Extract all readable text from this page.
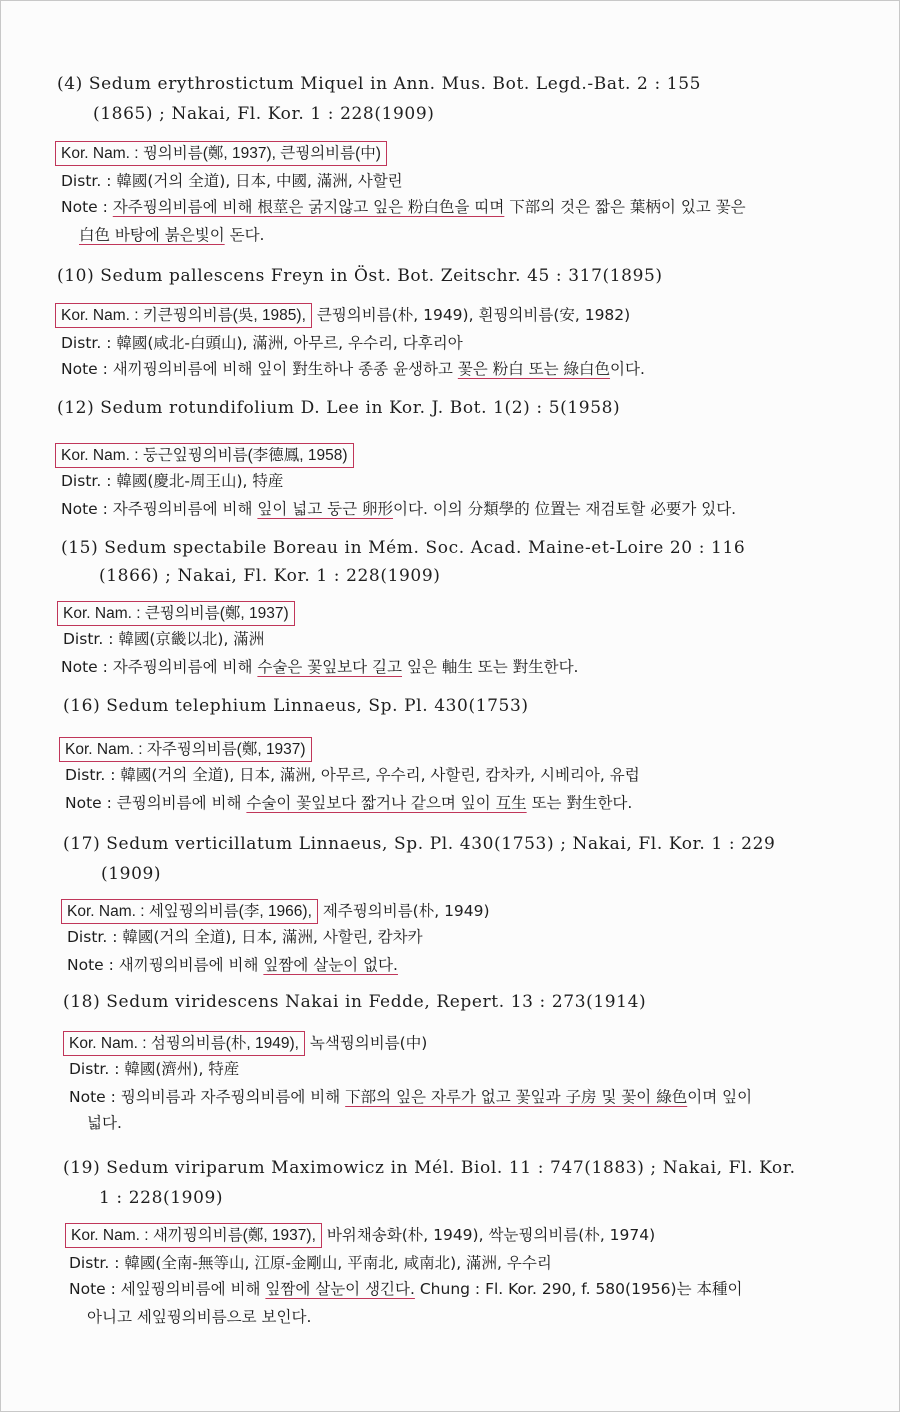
(4) Sedum erythrostictum Miquel in Ann. Mus. Bot. Legd.-Bat. 2 : 155
(1865) ; Nakai, Fl. Kor. 1 : 228(1909)
Kor. Nam. : 꿩의비름(鄭, 1937), 큰꿩의비름(中)
Distr. : 韓國(거의 全道), 日本, 中國, 滿洲, 사할린
Note : 자주꿩의비름에 비해 根莖은 굵지않고 잎은 粉白色을 띠며 下部의 것은 짧은 葉柄이 있고 꽃은
白色 바탕에 붉은빛이 돈다.
(10) Sedum pallescens Freyn in Öst. Bot. Zeitschr. 45 : 317(1895)
Kor. Nam. : 키큰꿩의비름(吳, 1985), 큰꿩의비름(朴, 1949), 흰꿩의비름(安, 1982)
Distr. : 韓國(咸北-白頭山), 滿洲, 아무르, 우수리, 다후리아
Note : 새끼꿩의비름에 비해 잎이 對生하나 종종 윤생하고 꽃은 粉白 또는 綠白色이다.
(12) Sedum rotundifolium D. Lee in Kor. J. Bot. 1(2) : 5(1958)
Kor. Nam. : 둥근잎꿩의비름(李德鳳, 1958)
Distr. : 韓國(慶北-周王山), 特産
Note : 자주꿩의비름에 비해 잎이 넓고 둥근 卵形이다. 이의 分類學的 位置는 재검토할 必要가 있다.
(15) Sedum spectabile Boreau in Mém. Soc. Acad. Maine-et-Loire 20 : 116
(1866) ; Nakai, Fl. Kor. 1 : 228(1909)
Kor. Nam. : 큰꿩의비름(鄭, 1937)
Distr. : 韓國(京畿以北), 滿洲
Note : 자주꿩의비름에 비해 수술은 꽃잎보다 길고 잎은 軸生 또는 對生한다.
(16) Sedum telephium Linnaeus, Sp. Pl. 430(1753)
Kor. Nam. : 자주꿩의비름(鄭, 1937)
Distr. : 韓國(거의 全道), 日本, 滿洲, 아무르, 우수리, 사할린, 캄차카, 시베리아, 유럽
Note : 큰꿩의비름에 비해 수술이 꽃잎보다 짧거나 같으며 잎이 互生 또는 對生한다.
(17) Sedum verticillatum Linnaeus, Sp. Pl. 430(1753) ; Nakai, Fl. Kor. 1 : 229
(1909)
Kor. Nam. : 세잎꿩의비름(李, 1966), 제주꿩의비름(朴, 1949)
Distr. : 韓國(거의 全道), 日本, 滿洲, 사할린, 캄차카
Note : 새끼꿩의비름에 비해 잎짬에 살눈이 없다.
(18) Sedum viridescens Nakai in Fedde, Repert. 13 : 273(1914)
Kor. Nam. : 섬꿩의비름(朴, 1949), 녹색꿩의비름(中)
Distr. : 韓國(濟州), 特産
Note : 꿩의비름과 자주꿩의비름에 비해 下部의 잎은 자루가 없고 꽃잎과 子房 및 꽃이 綠色이며 잎이
넓다.
(19) Sedum viriparum Maximowicz in Mél. Biol. 11 : 747(1883) ; Nakai, Fl. Kor.
1 : 228(1909)
Kor. Nam. : 새끼꿩의비름(鄭, 1937), 바위채송화(朴, 1949), 싹눈꿩의비름(朴, 1974)
Distr. : 韓國(全南-無等山, 江原-金剛山, 平南北, 咸南北), 滿洲, 우수리
Note : 세잎꿩의비름에 비해 잎짬에 살눈이 생긴다. Chung : Fl. Kor. 290, f. 580(1956)는 本種이
아니고 세잎꿩의비름으로 보인다.
